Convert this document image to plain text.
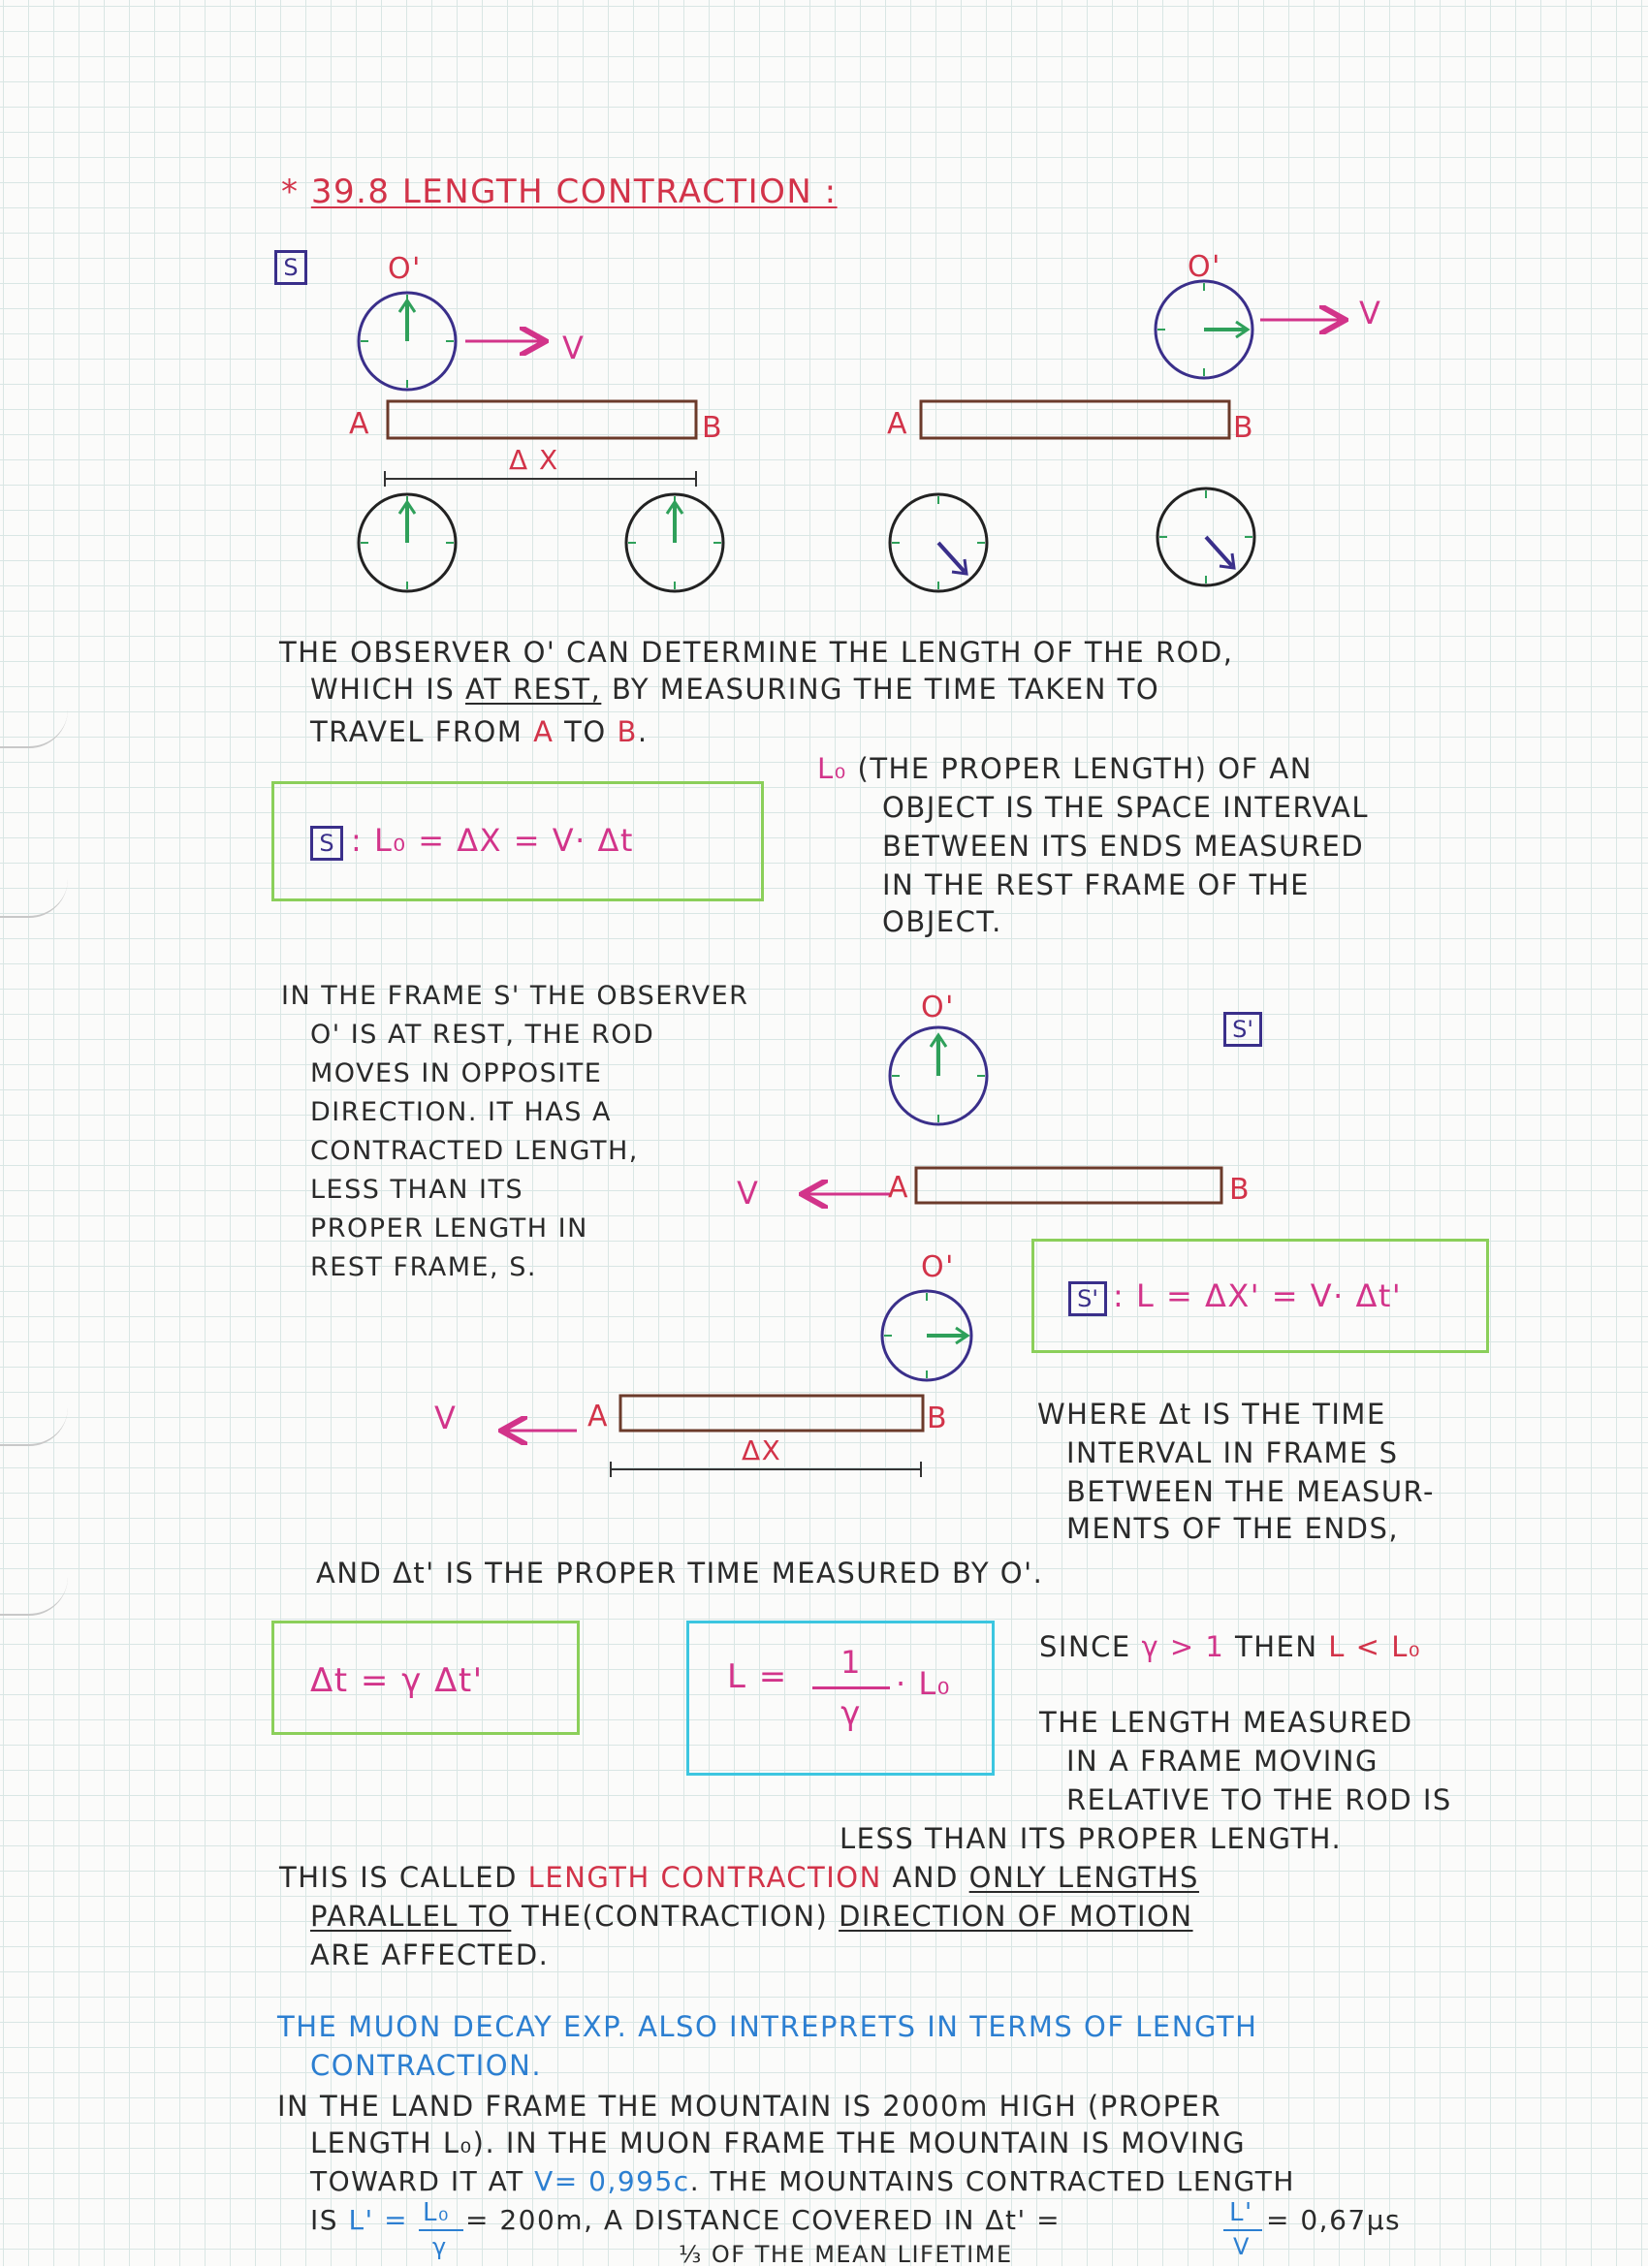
* 39.8 LENGTH CONTRACTION :
S	O'	O'
V
V
A	B	A	B
Δ X
THE OBSERVER O' CAN DETERMINE THE LENGTH OF THE ROD,
WHICH IS AT REST, BY MEASURING THE TIME TAKEN TO
TRAVEL FROM A TO B.
S : L₀ = ΔX = V· Δt
L₀ (THE PROPER LENGTH) OF AN
OBJECT IS THE SPACE INTERVAL
BETWEEN ITS ENDS MEASURED
IN THE REST FRAME OF THE
OBJECT.
IN THE FRAME S' THE OBSERVER
O' IS AT REST, THE ROD
MOVES IN OPPOSITE
DIRECTION. IT HAS A
CONTRACTED LENGTH,
LESS THAN ITS
PROPER LENGTH IN
REST FRAME, S.
S'
O'
O'
V
V
A	B
A	B
ΔX
S' : L = ΔX' = V· Δt'
WHERE Δt IS THE TIME
INTERVAL IN FRAME S
BETWEEN THE MEASUR-
MENTS OF THE ENDS,
AND Δt' IS THE PROPER TIME MEASURED BY O'.
Δt = γ Δt'	L = 1
γ
· L₀
SINCE γ > 1 THEN L < L₀
THE LENGTH MEASURED
IN A FRAME MOVING
RELATIVE TO THE ROD IS
LESS THAN ITS PROPER LENGTH.
THIS IS CALLED LENGTH CONTRACTION AND ONLY LENGTHS
PARALLEL TO THE(CONTRACTION) DIRECTION OF MOTION
ARE AFFECTED.
THE MUON DECAY EXP. ALSO INTREPRETS IN TERMS OF LENGTH
CONTRACTION.
IN THE LAND FRAME THE MOUNTAIN IS 2000m HIGH (PROPER
LENGTH L₀). IN THE MUON FRAME THE MOUNTAIN IS MOVING
TOWARD IT AT V= 0,995c. THE MOUNTAINS CONTRACTED LENGTH
IS L' = L₀
γ
= 200m, A DISTANCE COVERED IN Δt' =	L'
V
= 0,67μs
⅓ OF THE MEAN LIFETIME
